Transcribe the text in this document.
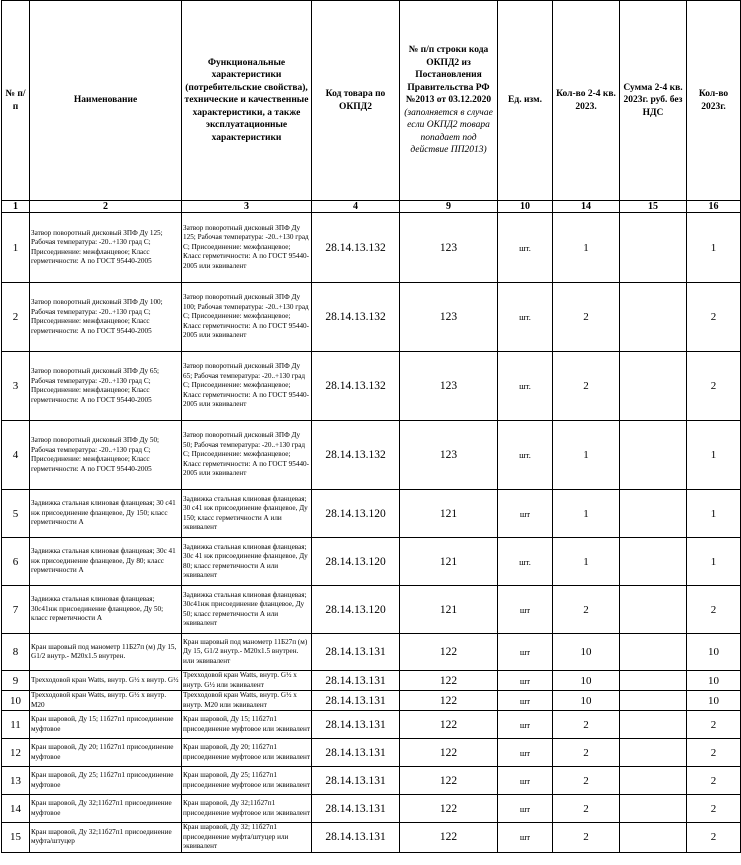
№ п/п	Наименование	Функциональные характеристики (потребительские свойства), технические и качественные характеристики, а также эксплуатационные характеристики	Код товара по ОКПД2	№ п/п строки кода ОКПД2 из Постановления Правительства РФ №2013 от 03.12.2020 (заполняется в случае если ОКПД2 товара попадает под действие ПП2013)	Ед. изм.	Кол-во 2-4 кв. 2023.	Сумма 2-4 кв. 2023г. руб. без НДС	Кол-во 2023г.
1	2	3	4	9	10	14	15	16
1	Затвор поворотный дисковый ЗПФ Ду 125; Рабочая температура: -20..+130 град С; Присоединение: межфланцевое; Класс герметичности: А по ГОСТ 95440-2005	Затвор поворотный дисковый ЗПФ Ду 125; Рабочая температура: -20..+130 град С; Присоединение: межфланцевое; Класс герметичности: А по ГОСТ 95440-2005 или эквивалент	28.14.13.132	123	шт.	1		1
2	Затвор поворотный дисковый ЗПФ Ду 100; Рабочая температура: -20..+130 град С; Присоединение: межфланцевое; Класс герметичности: А по ГОСТ 95440-2005	Затвор поворотный дисковый ЗПФ Ду 100; Рабочая температура: -20..+130 град С; Присоединение: межфланцевое; Класс герметичности: А по ГОСТ 95440-2005 или эквивалент	28.14.13.132	123	шт.	2		2
3	Затвор поворотный дисковый ЗПФ Ду 65; Рабочая температура: -20..+130 град С; Присоединение: межфланцевое; Класс герметичности: А по ГОСТ 95440-2005	Затвор поворотный дисковый ЗПФ Ду 65; Рабочая температура: -20..+130 град С; Присоединение: межфланцевое; Класс герметичности: А по ГОСТ 95440-2005 или эквивалент	28.14.13.132	123	шт.	2		2
4	Затвор поворотный дисковый ЗПФ Ду 50; Рабочая температура: -20..+130 град С; Присоединение: межфланцевое; Класс герметичности: А по ГОСТ 95440-2005	Затвор поворотный дисковый ЗПФ Ду 50; Рабочая температура: -20..+130 град С; Присоединение: межфланцевое; Класс герметичности: А по ГОСТ 95440-2005 или эквивалент	28.14.13.132	123	шт.	1		1
5	Задвижка стальная клиновая фланцевая; 30 с41 нж присоединение фланцевое, Ду 150; класс герметичности А	Задвижка стальная клиновая фланцевая; 30 с41 нж присоединение фланцевое, Ду 150; класс герметичности А или эквивалент	28.14.13.120	121	шт	1		1
6	Задвижка стальная клиновая фланцевая; 30с 41 нж присоединение фланцевое, Ду 80; класс герметичности А	Задвижка стальная клиновая фланцевая; 30с 41 нж присоединение фланцевое, Ду 80; класс герметичности А или эквивалент	28.14.13.120	121	шт.	1		1
7	Задвижка стальная клиновая фланцевая; 30с41нж присоединение фланцевое, Ду 50; класс герметичности А	Задвижка стальная клиновая фланцевая; 30с41нж присоединение фланцевое, Ду 50; класс герметичности А или эквивалент	28.14.13.120	121	шт	2		2
8	Кран шаровый под манометр 11Б27п (м) Ду 15, G1/2 внутр.- M20x1.5 внутрен.	Кран шаровый под манометр 11Б27п (м) Ду 15, G1/2 внутр.- M20x1.5 внутрен. или эквивалент	28.14.13.131	122	шт	10		10
9	Трехходовой кран Watts, внутр. G½ х внутр. G½	Трехходовой кран Watts, внутр. G½ х внутр. G½ или эквивалент	28.14.13.131	122	шт	10		10
10	Трехходовой кран Watts, внутр. G½ х внутр. M20	Трехходовой кран Watts, внутр. G½ х внутр. M20 или эквивалент	28.14.13.131	122	шт	10		10
11	Кран шаровой, Ду 15; 11б27п1 присоединение муфтовое	Кран шаровой, Ду 15; 11б27п1 присоединение муфтовое или эквивалент	28.14.13.131	122	шт	2		2
12	Кран шаровой, Ду 20; 11б27п1 присоединение муфтовое	Кран шаровой, Ду 20; 11б27п1 присоединение муфтовое или эквивалент	28.14.13.131	122	шт	2		2
13	Кран шаровой, Ду 25; 11б27п1 присоединение муфтовое	Кран шаровой, Ду 25; 11б27п1 присоединение муфтовое или эквивалент	28.14.13.131	122	шт	2		2
14	Кран шаровой, Ду 32;11б27п1 присоединение муфтовое	Кран шаровой, Ду 32;11б27п1 присоединение муфтовое или эквивалент	28.14.13.131	122	шт	2		2
15	Кран шаровой, Ду 32;11б27п1 присоединение муфта/штуцер	Кран шаровой, Ду 32; 11б27п1 присоединение муфта/штуцер или эквивалент	28.14.13.131	122	шт	2		2
